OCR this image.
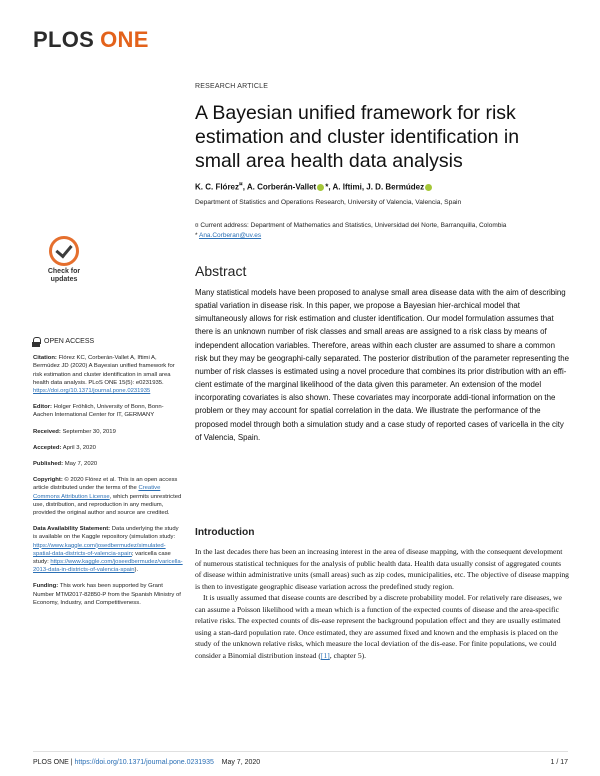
PLOS ONE
RESEARCH ARTICLE
A Bayesian unified framework for risk estimation and cluster identification in small area health data analysis
K. C. Flórez¤, A. Corberán-Vallet *, A. Iftimi, J. D. Bermúdez
Department of Statistics and Operations Research, University of Valencia, Valencia, Spain
¤ Current address: Department of Mathematics and Statistics, Universidad del Norte, Barranquilla, Colombia
* Ana.Corberan@uv.es
Check for
updates
Abstract
Many statistical models have been proposed to analyse small area disease data with the aim of describing spatial variation in disease risk. In this paper, we propose a Bayesian hier-archical model that simultaneously allows for risk estimation and cluster identification. Our model formulation assumes that there is an unknown number of risk classes and small areas are assigned to a risk class by means of independent allocation variables. Therefore, areas within each cluster are assumed to share a common risk but they may be geographi-cally separated. The posterior distribution of the parameter representing the number of risk classes is estimated using a novel procedure that combines its prior distribution with an effi-cient estimate of the marginal likelihood of the data given this parameter. An extension of the model incorporating covariates is also shown. These covariates may incorporate addi-tional information on the problem or they may account for spatial correlation in the data. We illustrate the performance of the proposed model through both a simulation study and a case study of reported cases of varicella in the city of Valencia, Spain.
OPEN ACCESS

Citation: Flórez KC, Corberán-Vallet A, Iftimi A, Bermúdez JD (2020) A Bayesian unified framework for risk estimation and cluster identification in small area health data analysis. PLoS ONE 15(5): e0231935. https://doi.org/10.1371/journal.pone.0231935

Editor: Holger Fröhlich, University of Bonn, Bonn-Aachen International Center for IT, GERMANY

Received: September 30, 2019

Accepted: April 3, 2020

Published: May 7, 2020

Copyright: © 2020 Flórez et al. This is an open access article distributed under the terms of the Creative Commons Attribution License, which permits unrestricted use, distribution, and reproduction in any medium, provided the original author and source are credited.

Data Availability Statement: Data underlying the study is available on the Kaggle repository (simulation study: https://www.kaggle.com/josedbermudez/simulated-spatial-data-districts-of-valencia-spain; varicella case study: https://www.kaggle.com/joseedbermudez/varicella-2013-data-in-districts-of-valencia-spain).

Funding: This work has been supported by Grant Number MTM2017-82850-P from the Spanish Ministry of Economy, Industry, and Competitiveness.

Introduction

In the last decades there has been an increasing interest in the area of disease mapping, with the consequent development of numerous statistical techniques for the analysis of public health data. Health data usually consist of aggregated counts of disease within administrative units (small areas) such as zip codes, municipalities, etc. The objective of disease mapping is then to investigate geographic disease variation across the predefined study region.

It is usually assumed that disease counts are described by a discrete probability model. For relatively rare diseases, we can assume a Poisson likelihood with a mean which is a function of the expected counts of disease and the area-specific relative risks. The expected counts of dis-ease represent the background population effect and they are usually estimated using a stan-dard population rate. Once estimated, they are assumed fixed and known and the emphasis is placed on the study of the unknown relative risks, which measure the local deviation of the dis-ease. For finite populations, we could consider a Binomial distribution instead ([1], chapter 5).

PLOS ONE | https://doi.org/10.1371/journal.pone.0231935 May 7, 2020	1 / 17
